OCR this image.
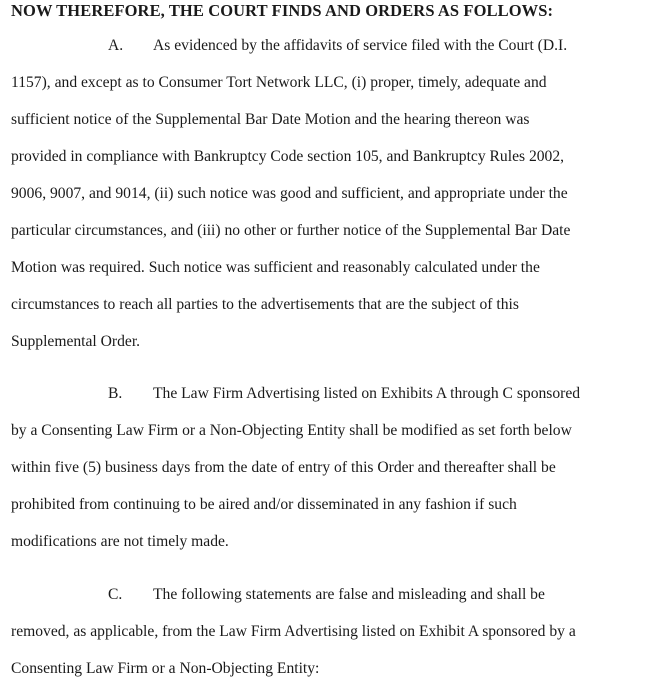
NOW THEREFORE, THE COURT FINDS AND ORDERS AS FOLLOWS:
A. As evidenced by the affidavits of service filed with the Court (D.I.
1157), and except as to Consumer Tort Network LLC, (i) proper, timely, adequate and
sufficient notice of the Supplemental Bar Date Motion and the hearing thereon was
provided in compliance with Bankruptcy Code section 105, and Bankruptcy Rules 2002,
9006, 9007, and 9014, (ii) such notice was good and sufficient, and appropriate under the
particular circumstances, and (iii) no other or further notice of the Supplemental Bar Date
Motion was required. Such notice was sufficient and reasonably calculated under the
circumstances to reach all parties to the advertisements that are the subject of this
Supplemental Order.
B. The Law Firm Advertising listed on Exhibits A through C sponsored
by a Consenting Law Firm or a Non-Objecting Entity shall be modified as set forth below
within five (5) business days from the date of entry of this Order and thereafter shall be
prohibited from continuing to be aired and/or disseminated in any fashion if such
modifications are not timely made.
C. The following statements are false and misleading and shall be
removed, as applicable, from the Law Firm Advertising listed on Exhibit A sponsored by a
Consenting Law Firm or a Non-Objecting Entity:
